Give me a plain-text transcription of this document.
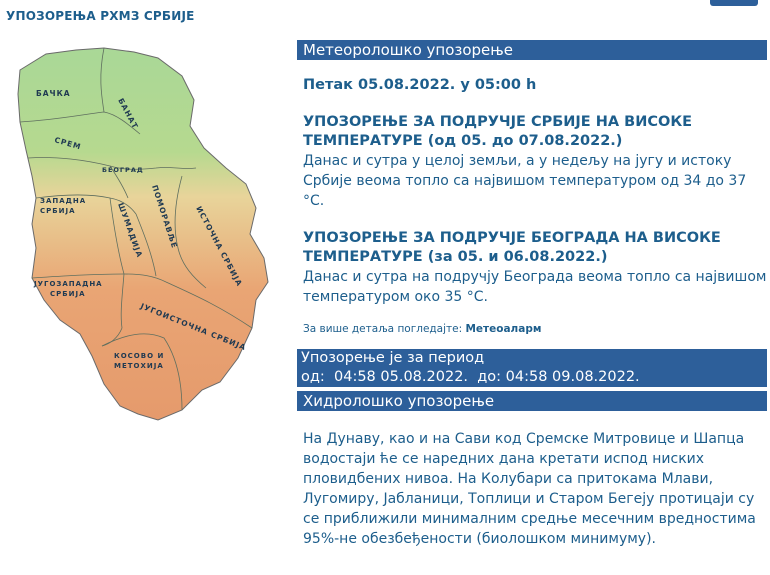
УПОЗОРЕЊА РХМЗ СРБИЈЕ
БАЧКА
БАНАТ
СРЕМ
БЕОГРАД
ЗАПАДНА СРБИЈА	ШУМАДИЈА ПОМОРАВЉЕ ИСТОЧНА СРБИЈА
ЈУГОЗАПАДНА СРБИЈА
ЈУГОИСТОЧНА СРБИЈА
КОСОВО И МЕТОХИЈА
Метеоролошко упозорење
Петак 05.08.2022. у 05:00 h
УПОЗОРЕЊЕ ЗА ПОДРУЧЈЕ СРБИЈЕ НА ВИСОКЕ ТЕМПЕРАТУРЕ (од 05. до 07.08.2022.)
Данас и сутра у целој земљи, а у недељу на југу и истоку Србије веома топло са највишом температуром од 34 до 37 °C.
УПОЗОРЕЊЕ ЗА ПОДРУЧЈЕ БЕОГРАДА НА ВИСОКЕ ТЕМПЕРАТУРЕ (за 05. и 06.08.2022.)
Данас и сутра на подручју Београда веома топло са највишом температуром око 35 °C.
За више детаља погледајте: Метеоаларм
Упозорење је за период
од:  04:58 05.08.2022.  до: 04:58 09.08.2022.
Хидролошко упозорење
На Дунаву, као и на Сави код Сремске Митровице и Шапца водостаји ће се наредних дана кретати испод ниских пловидбених нивоа. На Колубари са притокама Млави, Лугомиру, Јабланици, Топлици и Старом Бегеју протицаји су се приближили минималним средње месечним вредностима 95%-не обезбеђености (биолошком минимуму).
